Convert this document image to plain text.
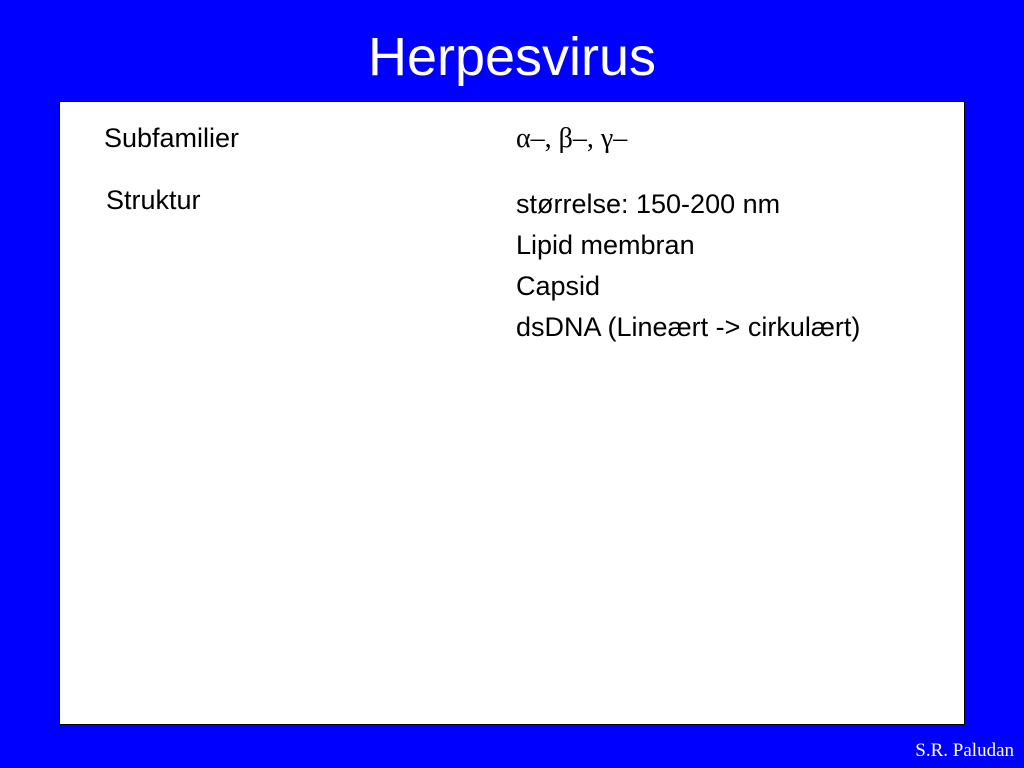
Herpesvirus
Subfamilier	α–, β–, γ–
Struktur	størrelse: 150-200 nm
Lipid membran
Capsid
dsDNA (Lineært -> cirkulært)
S.R. Paludan
